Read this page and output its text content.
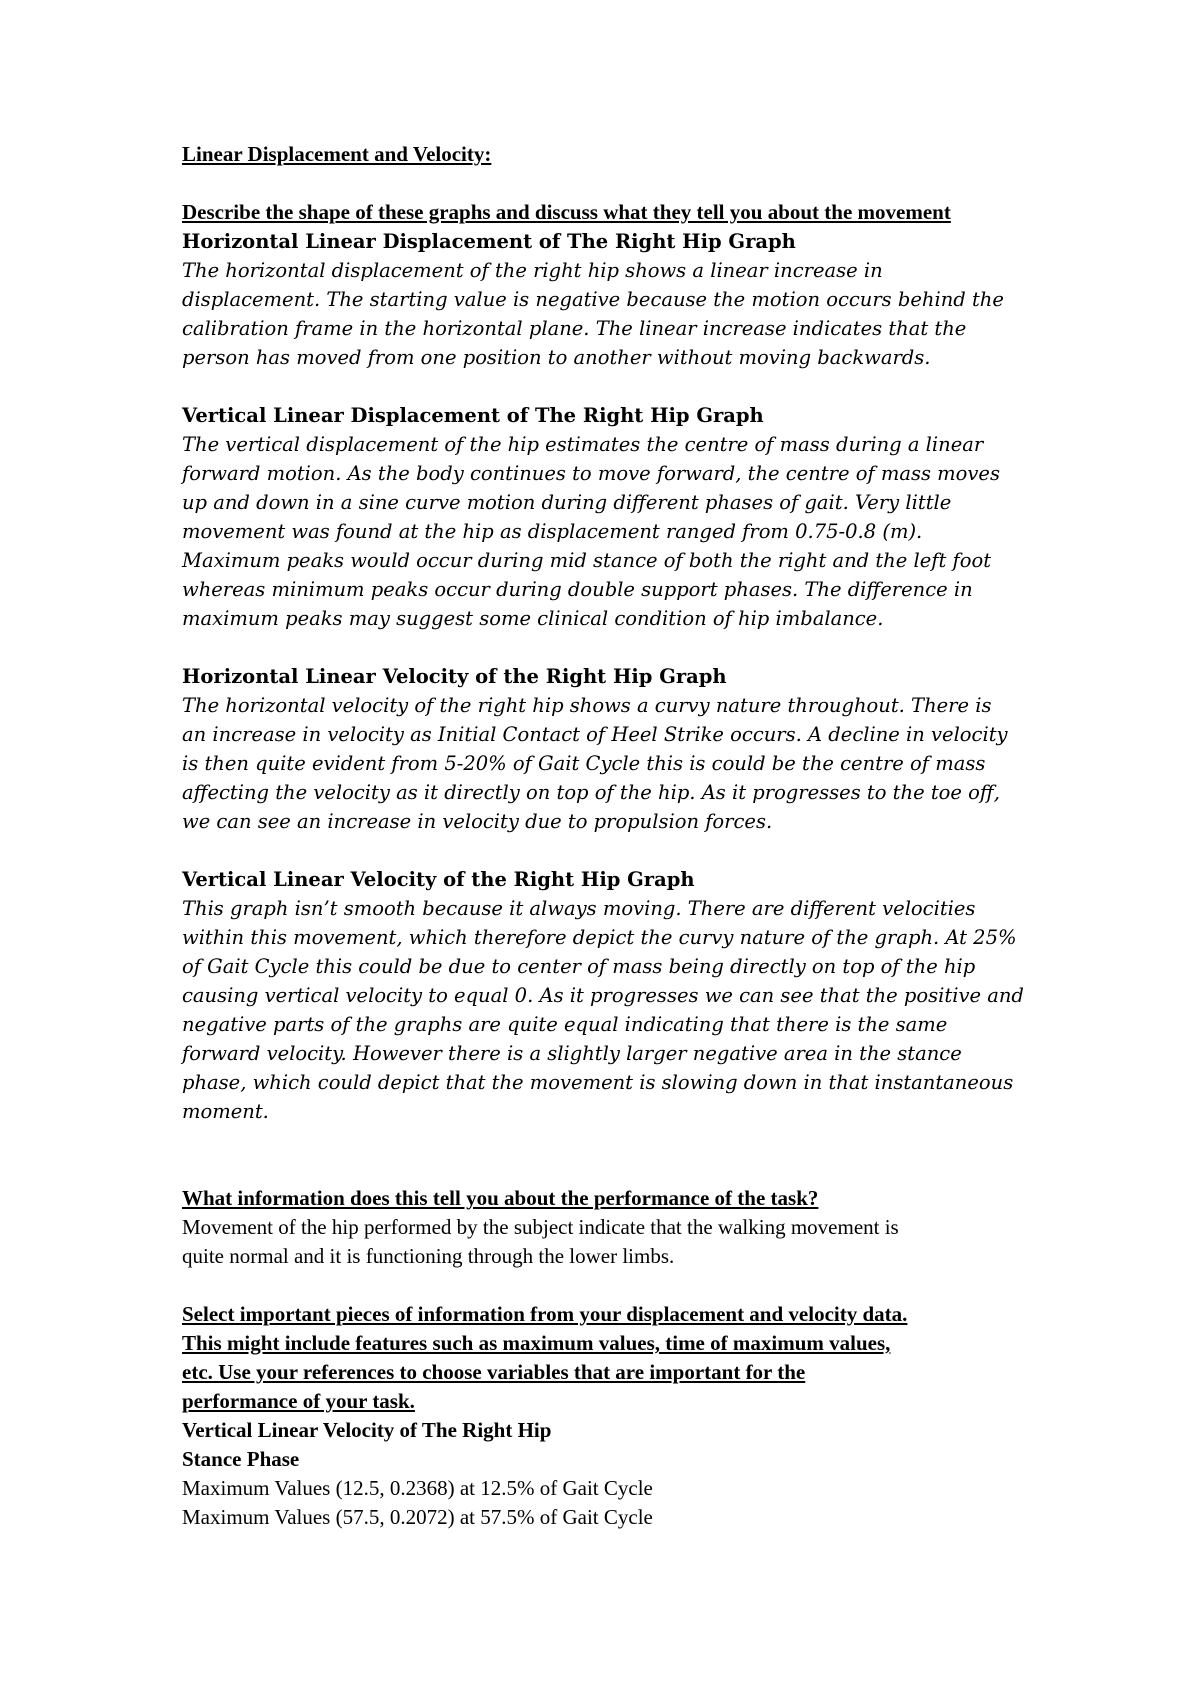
Linear Displacement and Velocity:

Describe the shape of these graphs and discuss what they tell you about the movement

Horizontal Linear Displacement of The Right Hip Graph

The horizontal displacement of the right hip shows a linear increase in

displacement. The starting value is negative because the motion occurs behind the

calibration frame in the horizontal plane. The linear increase indicates that the

person has moved from one position to another without moving backwards.

Vertical Linear Displacement of The Right Hip Graph

The vertical displacement of the hip estimates the centre of mass during a linear

forward motion. As the body continues to move forward, the centre of mass moves

up and down in a sine curve motion during different phases of gait. Very little

movement was found at the hip as displacement ranged from 0.75-0.8 (m).

Maximum peaks would occur during mid stance of both the right and the left foot

whereas minimum peaks occur during double support phases. The difference in

maximum peaks may suggest some clinical condition of hip imbalance.

Horizontal Linear Velocity of the Right Hip Graph

The horizontal velocity of the right hip shows a curvy nature throughout. There is

an increase in velocity as Initial Contact of Heel Strike occurs. A decline in velocity

is then quite evident from 5-20% of Gait Cycle this is could be the centre of mass

affecting the velocity as it directly on top of the hip. As it progresses to the toe off,

we can see an increase in velocity due to propulsion forces.

Vertical Linear Velocity of the Right Hip Graph

This graph isn’t smooth because it always moving. There are different velocities

within this movement, which therefore depict the curvy nature of the graph. At 25%

of Gait Cycle this could be due to center of mass being directly on top of the hip

causing vertical velocity to equal 0. As it progresses we can see that the positive and

negative parts of the graphs are quite equal indicating that there is the same

forward velocity. However there is a slightly larger negative area in the stance

phase, which could depict that the movement is slowing down in that instantaneous

moment.

What information does this tell you about the performance of the task?

Movement of the hip performed by the subject indicate that the walking movement is

quite normal and it is functioning through the lower limbs.

Select important pieces of information from your displacement and velocity data.

This might include features such as maximum values, time of maximum values,

etc. Use your references to choose variables that are important for the

performance of your task.

Vertical Linear Velocity of The Right Hip

Stance Phase

Maximum Values (12.5, 0.2368) at 12.5% of Gait Cycle

Maximum Values (57.5, 0.2072) at 57.5% of Gait Cycle
